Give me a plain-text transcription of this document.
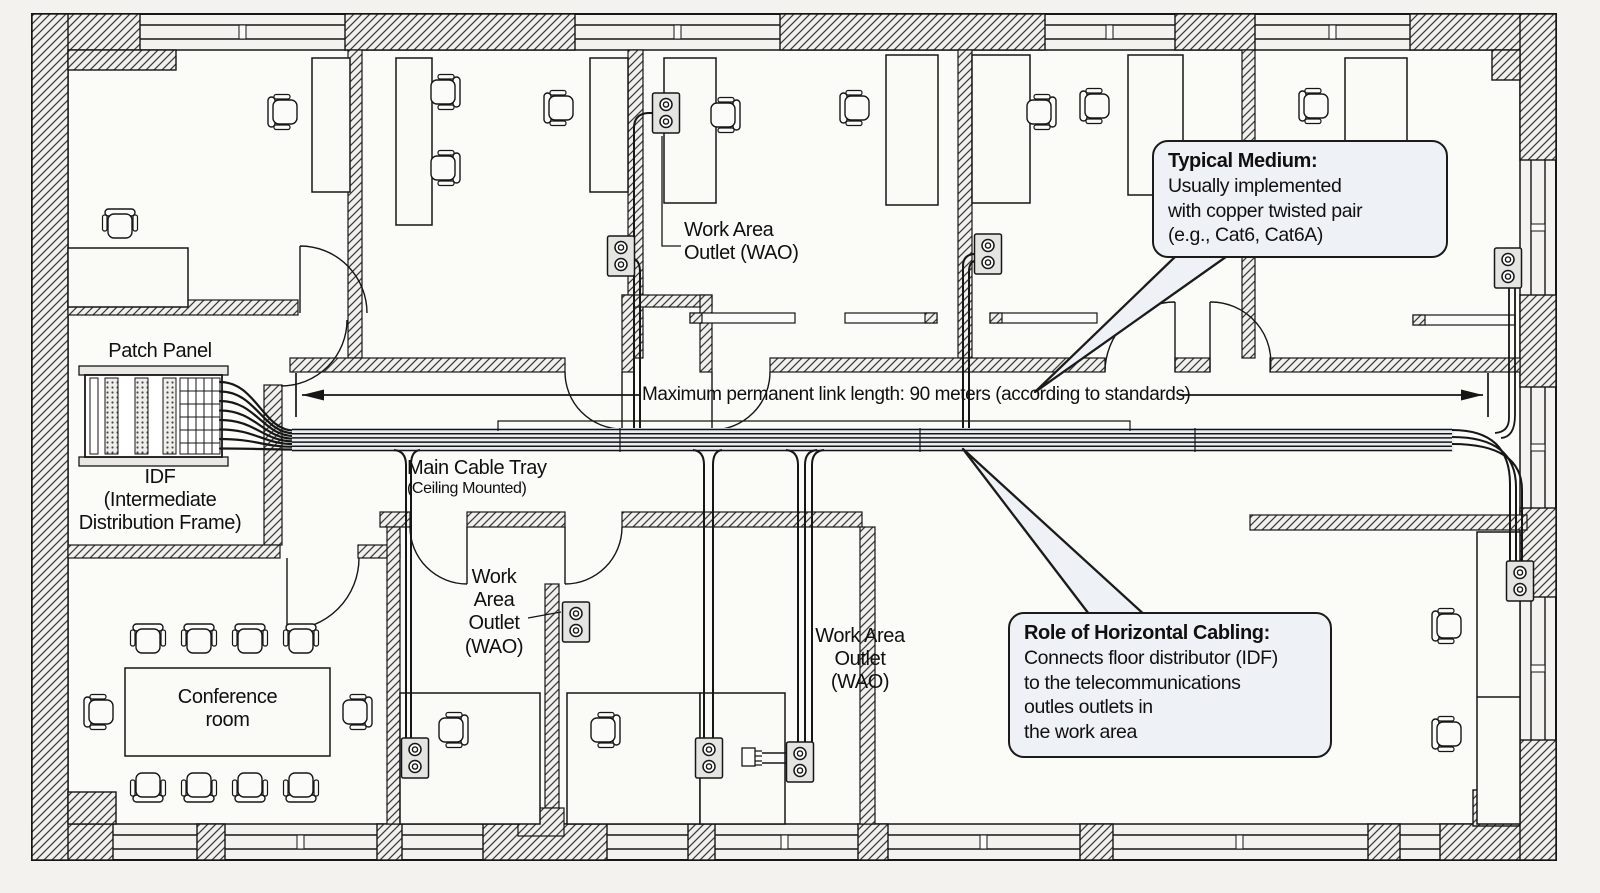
Patch Panel
IDF
(Intermediate
Distribution Frame)
Main Cable Tray
(Ceiling Mounted)
Work Area
Outlet (WAO)
Work
Area
Outlet
(WAO)	Work Area
Outlet
(WAO)
Conference
room
Maximum permanent link length: 90 meters (according to standards)
Typical Medium:
Usually implemented
with copper twisted pair
(e.g., Cat6, Cat6A)
Role of Horizontal Cabling:
Connects floor distributor (IDF)
to the telecommunications
outles outlets in
the work area
